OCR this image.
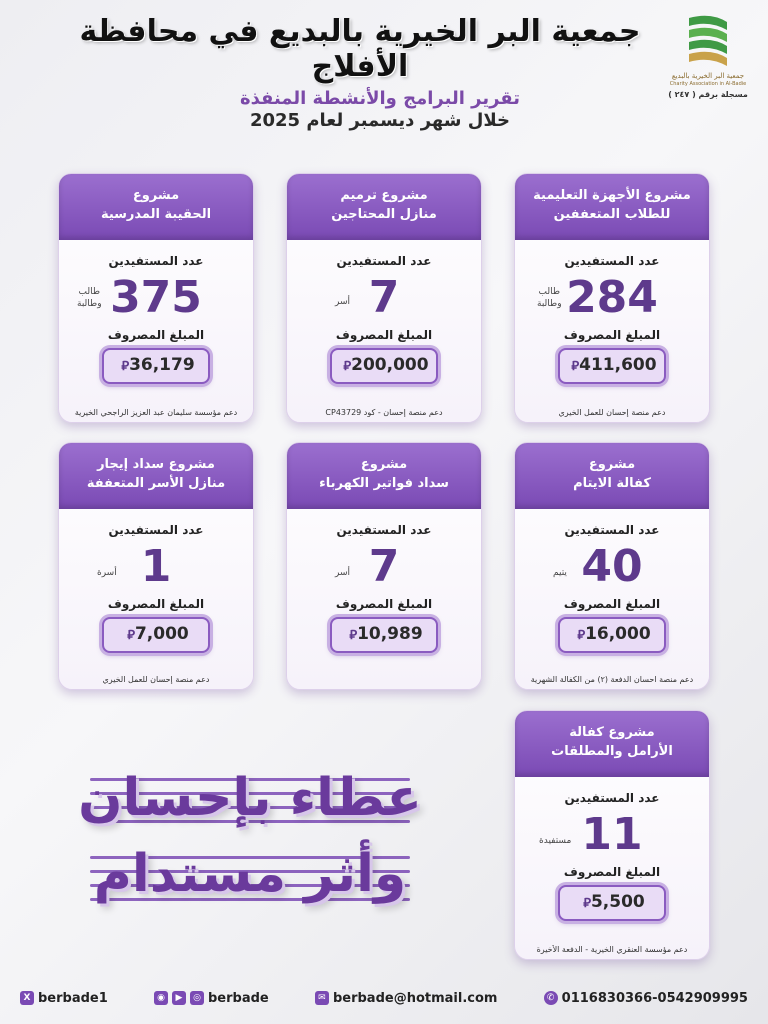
جمعية البر الخيرية بالبديع في محافظة الأفلاج	جمعية البر الخيرية بالبديع
Charity Association in Al-Badie
مسجلة برقم ( ٢٤٧ )
تقرير البرامج والأنشطة المنفذة
خلال شهر ديسمبر لعام 2025
مشروع الأجهزة التعليمية
للطلاب المتعففين
عدد المستفيدين
284
طالب
وطالبة
المبلغ المصروف
⃁411,600
دعم منصة إحسان للعمل الخيري
مشروع ترميم
منازل المحتاجين
عدد المستفيدين
7
أسر
المبلغ المصروف
⃁200,000
دعم منصة إحسان - كود CP43729
مشروع
الحقيبة المدرسية
عدد المستفيدين
375
طالب
وطالبة
المبلغ المصروف
⃁36,179
دعم مؤسسة سليمان عبد العزيز الراجحي الخيرية
مشروع
كفالة الايتام
عدد المستفيدين
40
يتيم
المبلغ المصروف
⃁16,000
دعم منصة احسان الدفعة (٢) من الكفالة الشهرية
مشروع
سداد فواتير الكهرباء
عدد المستفيدين
7
أسر
المبلغ المصروف
⃁10,989
مشروع سداد إيجار
منازل الأسر المتعففة
عدد المستفيدين
1
أسرة
المبلغ المصروف
⃁7,000
دعم منصة إحسان للعمل الخيري
مشروع كفالة
الأرامل والمطلقات
عدد المستفيدين
11
مستفيدة
المبلغ المصروف
⃁5,500
دعم مؤسسة العنقري الخيرية - الدفعة الأخيرة
عطاء بإحسان
وأثر مستدام
X berbade1	◉	▶	◎ berbade	✉ berbade@hotmail.com	✆ 0116830366-0542909995
